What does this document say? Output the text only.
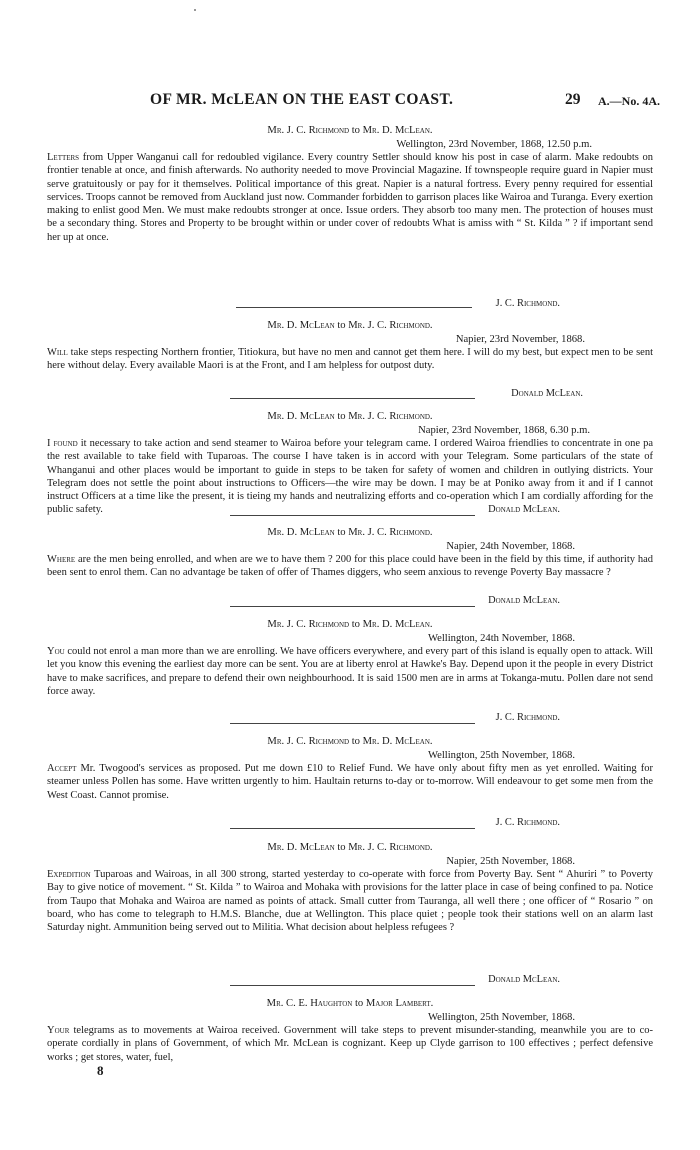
OF MR. McLEAN ON THE EAST COAST.	29 A.—No. 4A.
Mr. J. C. Richmond to Mr. D. McLean.
Wellington, 23rd November, 1868, 12.50 p.m.
Letters from Upper Wanganui call for redoubled vigilance. Every country Settler should know his post in case of alarm. Make redoubts on frontier tenable at once, and finish afterwards. No authority needed to move Provincial Magazine. If townspeople require guard in Napier must serve gratuitously or pay for it themselves. Political importance of this great. Napier is a natural fortress. Every penny required for essential services. Troops cannot be removed from Auckland just now. Commander forbidden to garrison places like Wairoa and Turanga. Every exertion making to enlist good Men. We must make redoubts stronger at once. Issue orders. They absorb too many men. The protection of houses must be a secondary thing. Stores and Property to be brought within or under cover of redoubts What is amiss with “ St. Kilda ” ? if important send her up at once.
J. C. Richmond.
Mr. D. McLean to Mr. J. C. Richmond.
Napier, 23rd November, 1868.
Will take steps respecting Northern frontier, Titiokura, but have no men and cannot get them here. I will do my best, but expect men to be sent here without delay. Every available Maori is at the Front, and I am helpless for outpost duty.
Donald McLean.
Mr. D. McLean to Mr. J. C. Richmond.
Napier, 23rd November, 1868, 6.30 p.m.
I found it necessary to take action and send steamer to Wairoa before your telegram came. I ordered Wairoa friendlies to concentrate in one pa the rest available to take field with Tuparoas. The course I have taken is in accord with your Telegram. Some particulars of the state of Whanganui and other places would be important to guide in steps to be taken for safety of women and children in outlying districts. Your Telegram does not settle the point about instructions to Officers—the wire may be down. I may be at Poniko away from it and if I cannot instruct Officers at a time like the present, it is tieing my hands and neutralizing efforts and co-operation which I am cordially affording for the public safety.	Donald McLean.
Mr. D. McLean to Mr. J. C. Richmond.
Napier, 24th November, 1868.
Where are the men being enrolled, and when are we to have them ? 200 for this place could have been in the field by this time, if authority had been sent to enrol them. Can no advantage be taken of offer of Thames diggers, who seem anxious to revenge Poverty Bay massacre ?
Donald McLean.
Mr. J. C. Richmond to Mr. D. McLean.
Wellington, 24th November, 1868.
You could not enrol a man more than we are enrolling. We have officers everywhere, and every part of this island is equally open to attack. Will let you know this evening the earliest day more can be sent. You are at liberty enrol at Hawke's Bay. Depend upon it the people in every District have to make sacrifices, and prepare to defend their own neighbourhood. It is said 1500 men are in arms at Tokanga-mutu. Pollen dare not send force away.
J. C. Richmond.
Mr. J. C. Richmond to Mr. D. McLean.
Wellington, 25th November, 1868.
Accept Mr. Twogood's services as proposed. Put me down £10 to Relief Fund. We have only about fifty men as yet enrolled. Waiting for steamer unless Pollen has some. Have written urgently to him. Haultain returns to-day or to-morrow. Will endeavour to get some men from the West Coast. Cannot promise.
J. C. Richmond.
Mr. D. McLean to Mr. J. C. Richmond.
Napier, 25th November, 1868.
Expedition Tuparoas and Wairoas, in all 300 strong, started yesterday to co-operate with force from Poverty Bay. Sent “ Ahuriri ” to Poverty Bay to give notice of movement. “ St. Kilda ” to Wairoa and Mohaka with provisions for the latter place in case of being confined to pa. Notice from Taupo that Mohaka and Wairoa are named as points of attack. Small cutter from Tauranga, all well there ; one officer of “ Rosario ” on board, who has come to telegraph to H.M.S. Blanche, due at Wellington. This place quiet ; people took their stations well on an alarm last Saturday night. Ammunition being served out to Militia. What decision about helpless refugees ?
Donald McLean.
Mr. C. E. Haughton to Major Lambert.
Wellington, 25th November, 1868.
Your telegrams as to movements at Wairoa received. Government will take steps to prevent misunder-standing, meanwhile you are to co-operate cordially in plans of Government, of which Mr. McLean is cognizant. Keep up Clyde garrison to 100 effectives ; perfect defensive works ; get stores, water, fuel,
8
